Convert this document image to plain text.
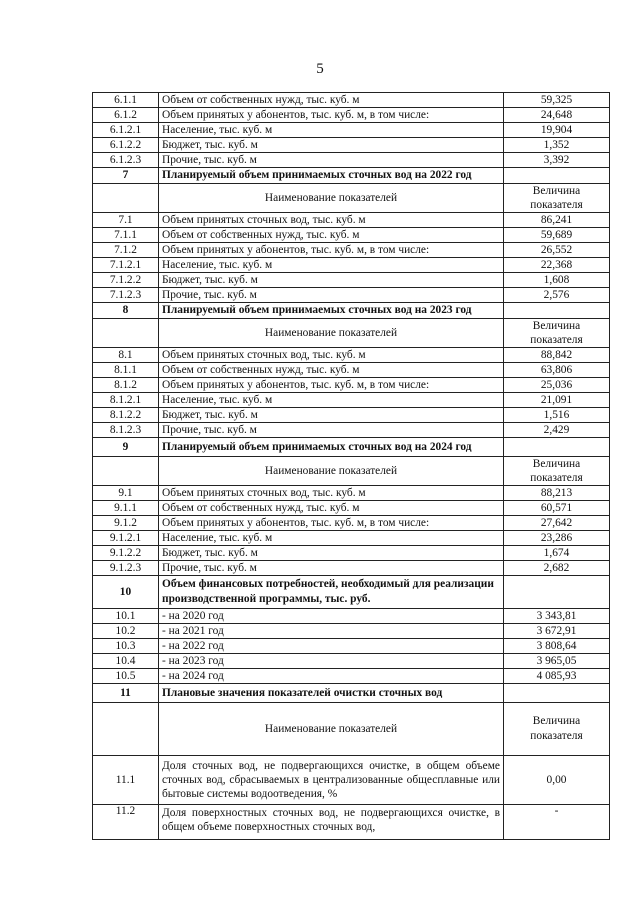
5
6.1.1	Объем от собственных нужд, тыс. куб. м	59,325
6.1.2	Объем принятых у абонентов, тыс. куб. м, в том числе:	24,648
6.1.2.1	Население, тыс. куб. м	19,904
6.1.2.2	Бюджет, тыс. куб. м	1,352
6.1.2.3	Прочие, тыс. куб. м	3,392
7	Планируемый объем принимаемых сточных вод на 2022 год	
	Наименование показателей	Величина показателя
7.1	Объем принятых сточных вод, тыс. куб. м	86,241
7.1.1	Объем от собственных нужд, тыс. куб. м	59,689
7.1.2	Объем принятых у абонентов, тыс. куб. м, в том числе:	26,552
7.1.2.1	Население, тыс. куб. м	22,368
7.1.2.2	Бюджет, тыс. куб. м	1,608
7.1.2.3	Прочие, тыс. куб. м	2,576
8	Планируемый объем принимаемых сточных вод на 2023 год	
	Наименование показателей	Величина показателя
8.1	Объем принятых сточных вод, тыс. куб. м	88,842
8.1.1	Объем от собственных нужд, тыс. куб. м	63,806
8.1.2	Объем принятых у абонентов, тыс. куб. м, в том числе:	25,036
8.1.2.1	Население, тыс. куб. м	21,091
8.1.2.2	Бюджет, тыс. куб. м	1,516
8.1.2.3	Прочие, тыс. куб. м	2,429
9	Планируемый объем принимаемых сточных вод на 2024 год	
	Наименование показателей	Величина показателя
9.1	Объем принятых сточных вод, тыс. куб. м	88,213
9.1.1	Объем от собственных нужд, тыс. куб. м	60,571
9.1.2	Объем принятых у абонентов, тыс. куб. м, в том числе:	27,642
9.1.2.1	Население, тыс. куб. м	23,286
9.1.2.2	Бюджет, тыс. куб. м	1,674
9.1.2.3	Прочие, тыс. куб. м	2,682
10	Объем финансовых потребностей, необходимый для реализации производственной программы, тыс. руб.	
10.1	- на 2020 год	3 343,81
10.2	- на 2021 год	3 672,91
10.3	- на 2022 год	3 808,64
10.4	- на 2023 год	3 965,05
10.5	- на 2024 год	4 085,93
11	Плановые значения показателей очистки сточных вод	
	Наименование показателей	Величина показателя
11.1	Доля сточных вод, не подвергающихся очистке, в общем объеме сточных вод, сбрасываемых в централизованные общесплавные или бытовые системы водоотведения, %	0,00
11.2	Доля поверхностных сточных вод, не подвергающихся очистке, в общем объеме поверхностных сточных вод,	-
